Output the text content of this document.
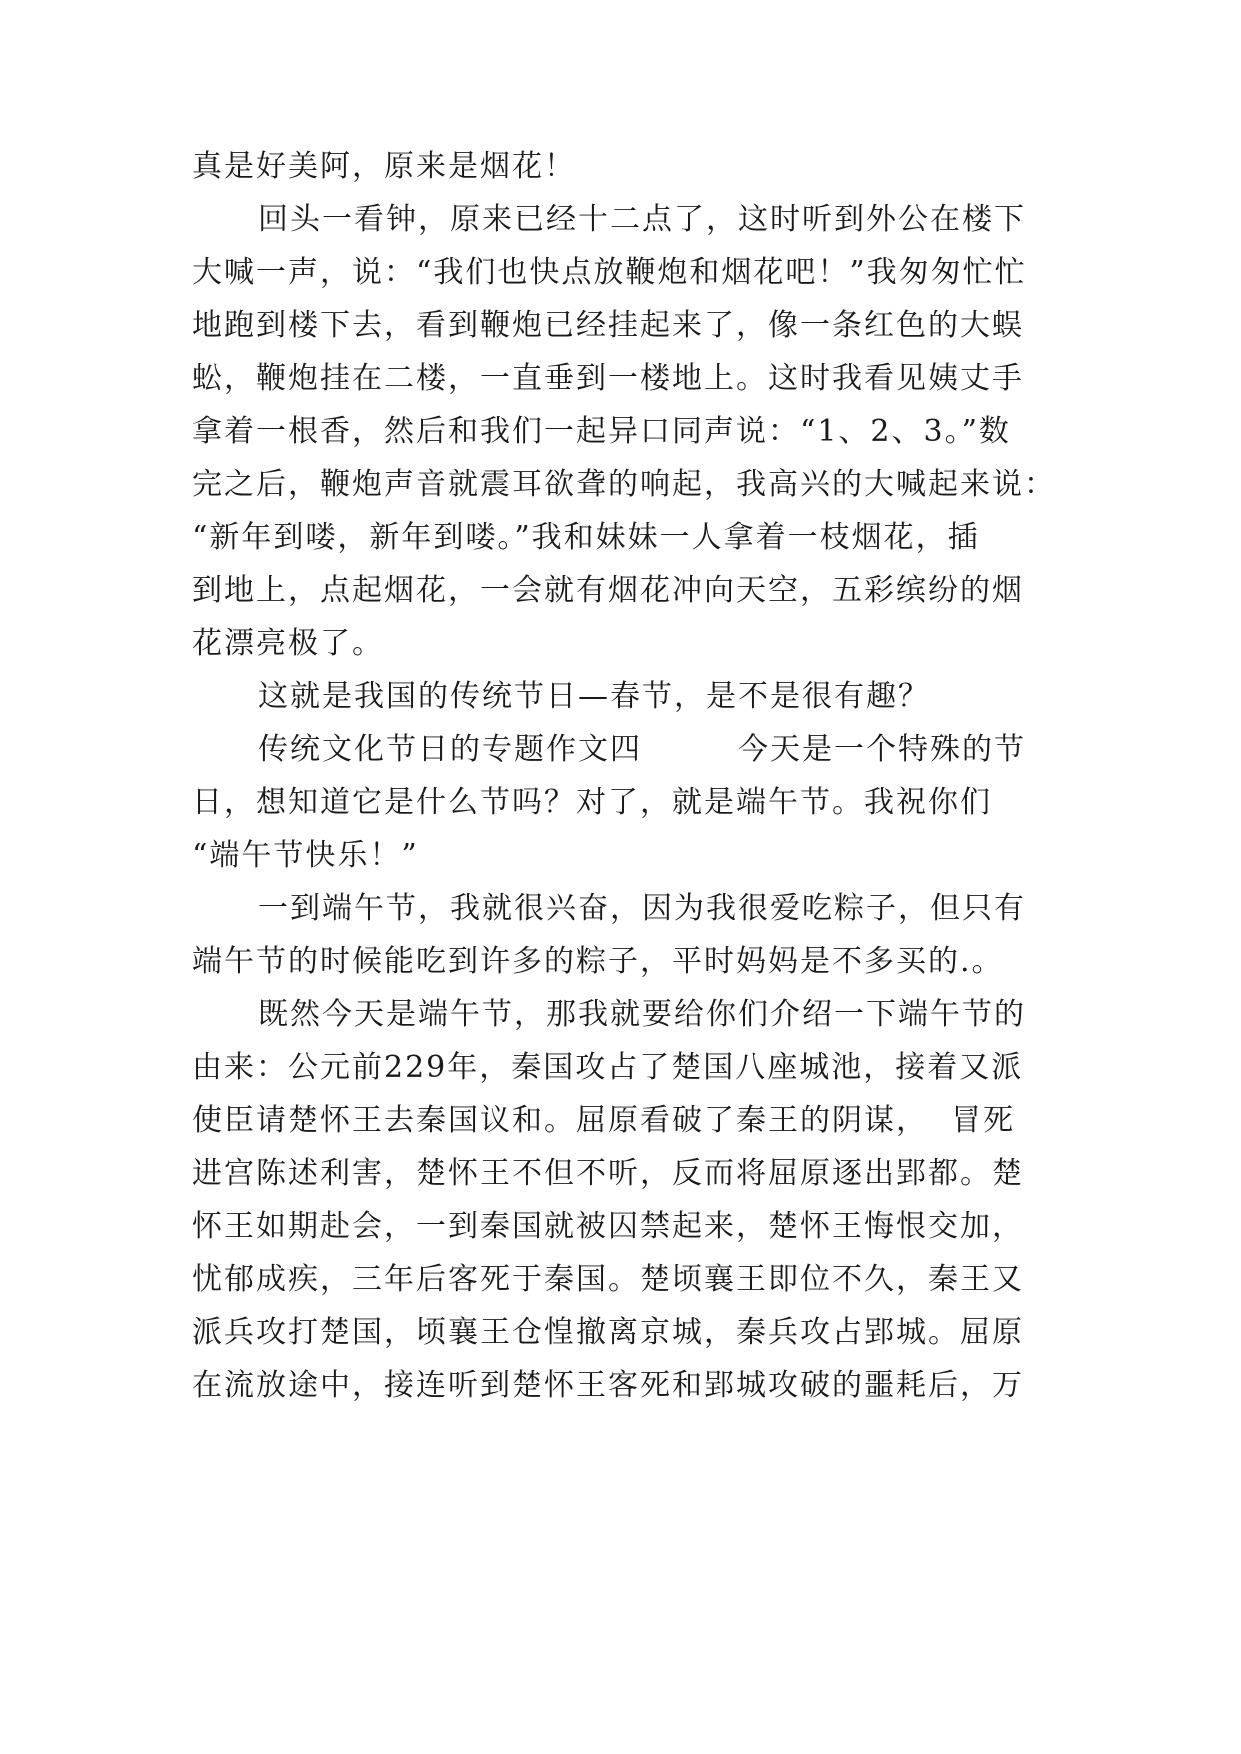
真是好美阿，原来是烟花！
回头一看钟，原来已经十二点了，这时听到外公在楼下
大喊一声，说：“我们也快点放鞭炮和烟花吧！”我匆匆忙忙
地跑到楼下去，看到鞭炮已经挂起来了，像一条红色的大蜈
蚣，鞭炮挂在二楼，一直垂到一楼地上。这时我看见姨丈手
拿着一根香，然后和我们一起异口同声说：“1、2、3。”数
完之后，鞭炮声音就震耳欲聋的响起，我高兴的大喊起来说：
“新年到喽，新年到喽。”我和妹妹一人拿着一枝烟花，插
到地上，点起烟花，一会就有烟花冲向天空，五彩缤纷的烟
花漂亮极了。
这就是我国的传统节日—春节，是不是很有趣？
传统文化节日的专题作文四　　　今天是一个特殊的节
日，想知道它是什么节吗？对了，就是端午节。我祝你们
“端午节快乐！”
一到端午节，我就很兴奋，因为我很爱吃粽子，但只有
端午节的时候能吃到许多的粽子，平时妈妈是不多买的.。
既然今天是端午节，那我就要给你们介绍一下端午节的
由来：公元前229年，秦国攻占了楚国八座城池，接着又派
使臣请楚怀王去秦国议和。屈原看破了秦王的阴谋，  冒死
进宫陈述利害，楚怀王不但不听，反而将屈原逐出郢都。楚
怀王如期赴会，一到秦国就被囚禁起来，楚怀王悔恨交加，
忧郁成疾，三年后客死于秦国。楚顷襄王即位不久，秦王又
派兵攻打楚国，顷襄王仓惶撤离京城，秦兵攻占郢城。屈原
在流放途中，接连听到楚怀王客死和郢城攻破的噩耗后，万
